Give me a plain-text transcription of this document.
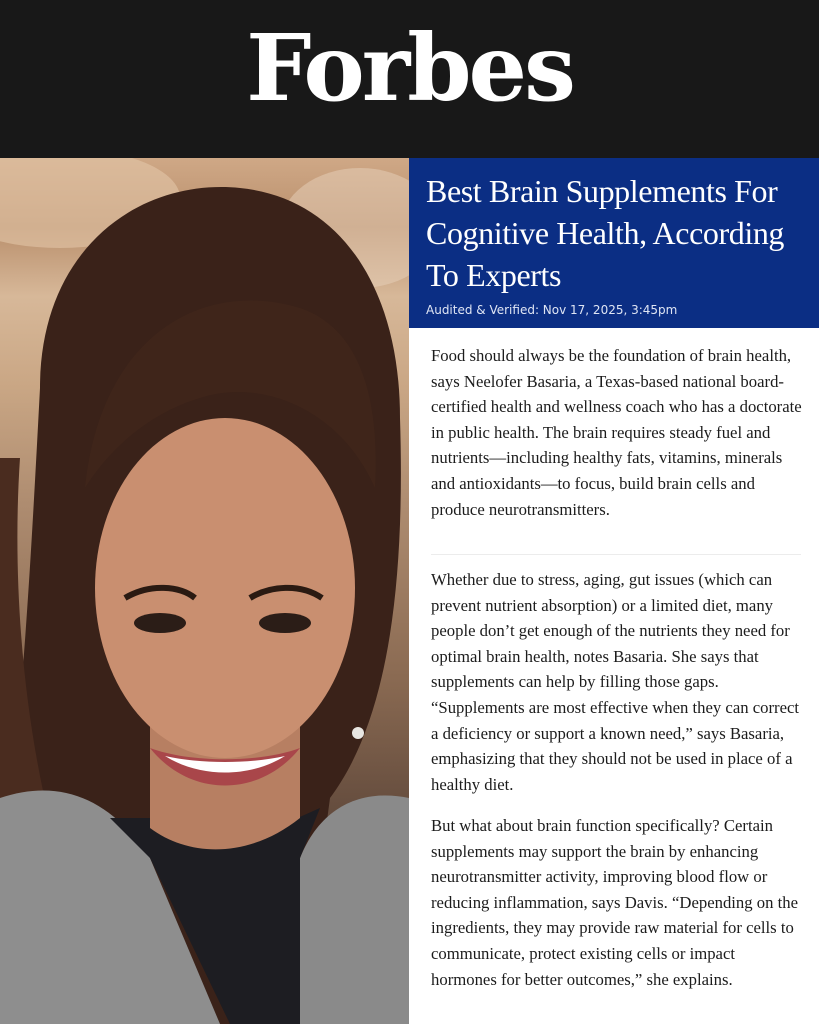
Forbes
Best Brain Supplements For Cognitive Health, According To Experts
Audited & Verified: Nov 17, 2025, 3:45pm

Food should always be the foundation of brain health, says Neelofer Basaria, a Texas-based national board-certified health and wellness coach who has a doctorate in public health. The brain requires steady fuel and nutrients—including healthy fats, vitamins, minerals and antioxidants—to focus, build brain cells and produce neurotransmitters.

Whether due to stress, aging, gut issues (which can prevent nutrient absorption) or a limited diet, many people don’t get enough of the nutrients they need for optimal brain health, notes Basaria. She says that supplements can help by filling those gaps. “Supplements are most effective when they can correct a deficiency or support a known need,” says Basaria, emphasizing that they should not be used in place of a healthy diet.

But what about brain function specifically? Certain supplements may support the brain by enhancing neurotransmitter activity, improving blood flow or reducing inflammation, says Davis. “Depending on the ingredients, they may provide raw material for cells to communicate, protect existing cells or impact hormones for better outcomes,” she explains.
